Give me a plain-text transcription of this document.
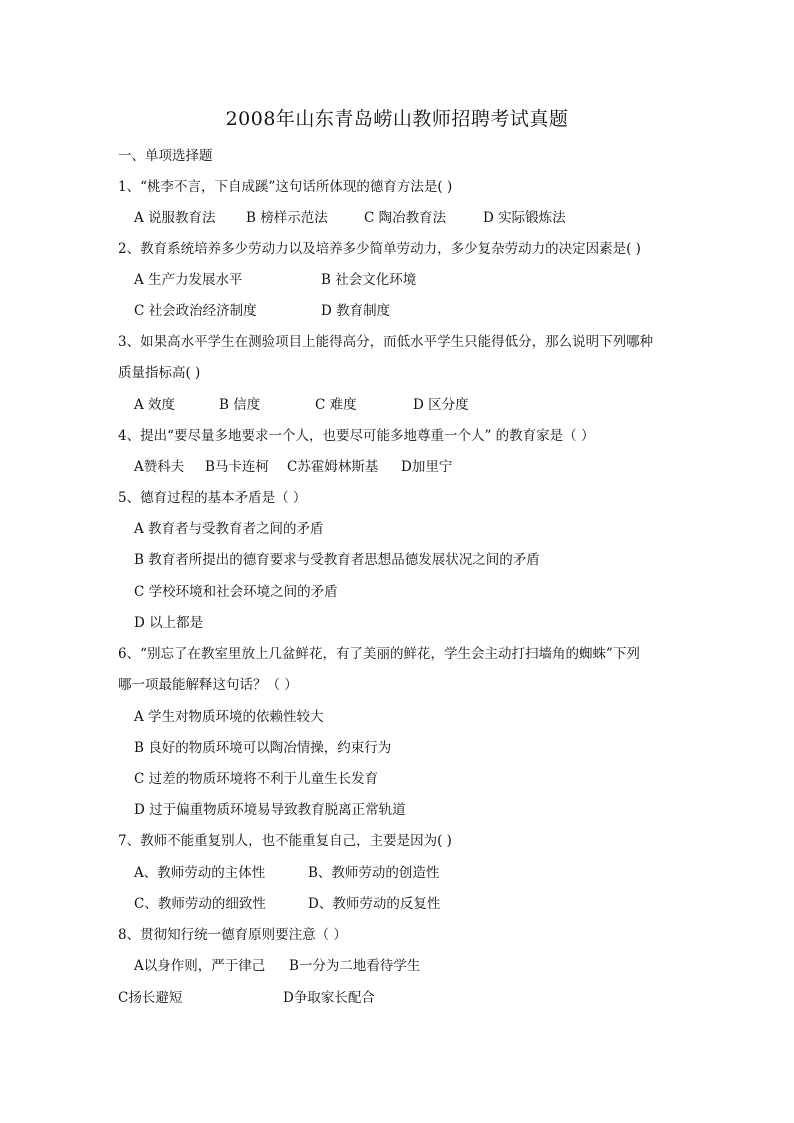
2008年山东青岛崂山教师招聘考试真题
一、单项选择题
1、“桃李不言，下自成蹊”这句话所体现的德育方法是( )
A 说服教育法 B 榜样示范法	C 陶冶教育法	D 实际锻炼法
2、教育系统培养多少劳动力以及培养多少简单劳动力，多少复杂劳动力的决定因素是( )
A 生产力发展水平	B 社会文化环境
C 社会政治经济制度	D 教育制度
3、如果高水平学生在测验项目上能得高分，而低水平学生只能得低分，那么说明下列哪种
质量指标高( )
A 效度	B 信度	C 难度	D 区分度
4、提出“要尽量多地要求一个人，也要尽可能多地尊重一个人” 的教育家是（ ）
A赞科夫 B马卡连柯 C苏霍姆林斯基 D加里宁
5、德育过程的基本矛盾是（ ）
A 教育者与受教育者之间的矛盾
B 教育者所提出的德育要求与受教育者思想品德发展状况之间的矛盾
C 学校环境和社会环境之间的矛盾
D 以上都是
6、“别忘了在教室里放上几盆鲜花，有了美丽的鲜花，学生会主动打扫墙角的蜘蛛”下列
哪一项最能解释这句话？（ ）
A 学生对物质环境的依赖性较大
B 良好的物质环境可以陶冶情操，约束行为
C 过差的物质环境将不利于儿童生长发育
D 过于偏重物质环境易导致教育脱离正常轨道
7、教师不能重复别人，也不能重复自己，主要是因为( )
A、教师劳动的主体性	B、教师劳动的创造性
C、教师劳动的细致性	D、教师劳动的反复性
8、贯彻知行统一德育原则要注意（ ）
A以身作则，严于律己 B一分为二地看待学生
C扬长避短	D争取家长配合
